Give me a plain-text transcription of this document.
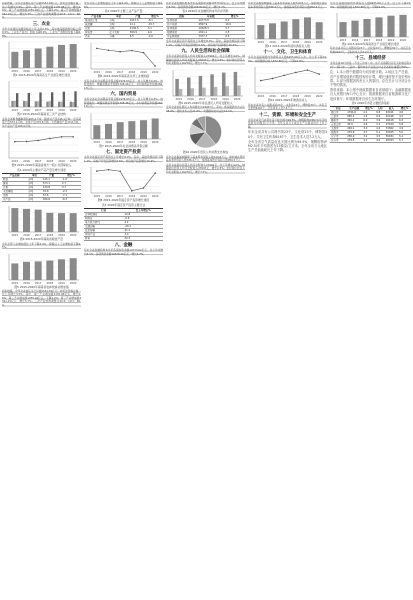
初步核算，全年全省地区生产总值5532.39亿元，按可比价格计算，比上年增长3.5%。其中，第一产业增加值1135.98亿元，增长2.0%；第二产业增加值1055.26亿元，下降1.2%；第三产业增加值3341.15亿元，增长5.7%。三次产业结构调整为20.5：19.1：60.4。

三、农业

全年全省居民消费价格比上年上涨2.3%，其中食品烟酒类价格上涨9.5%。工业生产者出厂价格下降8.0%，工业生产者购进价格下降6.8%。

2015 2016 2017 2018 2019 2020
图1 2015-2020年海南省生产总值及增长速度
2015 2016 2017 2018 2019 2020
图2 2015-2020年海南省三次产业结构

全年全省粮食播种面积405.2万亩，粮食总产量145.1万吨。全年蔬菜产量573.1万吨，水果产量479.8万吨，天然橡胶产量33.8万吨，水产品总产量166.6万吨。

2015 2016 2017 2018 2019 2020
图3 2015-2020年海南省地方一般公共预算收入
表1 2020年主要农产品产量及增长速度
产品名称	单位	产量	增长%
粮食	万吨	145.1	-1.8
蔬菜	万吨	573.1	2.7
水果	万吨	479.8	3.7
天然橡胶	万吨	33.8	-2.3
肉类	万吨	57.6	-7.1
水产品	万吨	166.6	-6.3
2015 2016 2017 2018 2019 2020
图4 2015-2020年海南省粮食产量

全年全部工业增加值比上年下降4.4%，规模以上工业增加值下降4.5%。

2015 2016 2017 2018 2019 2020
图5 2015-2020年海南省农林牧渔业增加值

初步核算，全年全省地区生产总值5532.39亿元，按可比价格计算，比上年增长3.5%。其中，第一产业增加值1135.98亿元，增长2.0%；第二产业增加值1055.26亿元，下降1.2%；第三产业增加值3341.15亿元，增长5.7%。三次产业结构调整为20.5：19.1：60.4。

全年全部工业增加值比上年下降4.4%，规模以上工业增加值下降4.5%。

表2 2020年主要工业产品产量
产品名称	单位	产量	增长%
原油加工量	万吨	1017.5	-8.1
成品糖	万吨	11.1	-15.7
水泥	万吨	2149.5	3.1
发电量	亿千瓦时	360.9	4.6
汽车	万辆	6.5	-2.6
2015 2016 2017 2018 2019 2020
图6 2015-2020年海南省全部工业增加值

全年全省社会消费品零售总额1974.63亿元，比上年增长0.2%。按经营地分，城镇消费品零售额1708.46亿元，乡村消费品零售额266.17亿元。

六、国内贸易

全年全省社会消费品零售总额1974.63亿元，比上年增长0.2%。按经营地分，城镇消费品零售额1708.46亿元，乡村消费品零售额266.17亿元。

2015 2016 2017 2018 2019 2020
图7 2015-2020年社会消费品零售总额
七、固定资产投资

全年全省固定资产投资比上年增长8.0%。其中，基础设施投资下降1.1%，房地产开发投资增长0.5%，非房地产投资增长15.9%。

2015 2016 2017 2018 2019 2020
图8 2015-2020年固定资产投资增长速度
表3 2020年固定资产投资主要行业
行业	比上年增长%
农林牧渔业	12.8
制造业	-5.6
电力热力燃气	4.4
交通运输	-20.1
信息传输	31.2
房地产业	3.0
教育	22.4
八、金融

年末全省金融机构本外币各项存款余额10773.62亿元，比上年末增长8.3%；各项贷款余额10328.26亿元，增长5.7%。

年末全省金融机构本外币各项存款余额10773.62亿元，比上年末增长8.3%；各项贷款余额10328.26亿元，增长5.7%。

表4 2020年末金融机构本外币存贷款
指标	年末数	增长%
各项存款	10773.6	8.3
住户存款	4807.9	10.9
各项贷款	10328.3	5.7
短期贷款	1811.1	2.5
中长期贷款	7977.7	6.6

全年全省固定资产投资比上年增长8.0%。其中，基础设施投资下降1.1%，房地产开发投资增长0.5%，非房地产投资增长15.9%。

九、人民生活和社会保障

全年全省常住居民人均可支配收入27904元，比上年增长4.0%。城镇常住居民人均可支配收入37097元，增长2.5%；农村常住居民人均可支配收入16279元，增长7.7%。

2015 2016 2017 2018 2019 2020
图9 2015-2020年常住居民人均可支配收入

全年全省常住居民人均消费支出19457元。其中，食品烟酒支出占比38.9%，居住支出占比21.6%，交通通信支出占比12.1%。

图10 2020年居民人均消费支出构成

年末全省参加城镇职工基本养老保险人数319.8万人，参加城乡居民基本养老保险人数336.2万人，参加基本医疗保险人数956.5万人。

全年全省常住居民人均可支配收入27904元，比上年增长4.0%。城镇常住居民人均可支配收入37097元，增长2.5%；农村常住居民人均可支配收入16279元，增长7.7%。

年末全省参加城镇职工基本养老保险人数319.8万人，参加城乡居民基本养老保险人数336.2万人，参加基本医疗保险人数956.5万人。

2015 2016 2017 2018 2019 2020
图11 2015-2020年接待游客总人数
十一、文化、卫生和体育

全年全省接待国内外游客总人数6455.09万人次，比上年下降22.3%；实现旅游总收入872.86亿元，下降19.9%。

2015 2016 2017 2018 2019 2020
图12 2015-2020年旅游总收入

年末全省共有公共图书馆23个，文化馆23个，博物馆30个。共有卫生机构6167个，卫生技术人员7.2万人。

十二、资源、环境和安全生产

全年全省空气质量优良天数比例为99.5%，细颗粒物(PM2.5)年平均浓度为13微克/立方米。全年全省万元地区生产总值能耗比上年下降。

年末全省共有公共图书馆23个，文化馆23个，博物馆30个。共有卫生机构6167个，卫生技术人员7.2万人。

全年全省空气质量优良天数比例为99.5%，细颗粒物(PM2.5)年平均浓度为13微克/立方米。全年全省万元地区生产总值能耗比上年下降。

全年全省接待国内外游客总人数6455.09万人次，比上年下降22.3%；实现旅游总收入872.86亿元，下降19.9%。

2015 2016 2017 2018 2019 2020
图1 2015-2020年海南省生产总值及增长速度

年末全省共有公共图书馆23个，文化馆23个，博物馆30个。共有卫生机构6167个，卫生技术人员7.2万人。

十三、县域经济

全年全省18个市县（不含三沙市）中，生产总值超过百亿元的市县有12个。海口市、三亚市、儋州市生产总值合计占全省的比重超过50%。

注：1.本公报中数据均为初步统计数。2.地区生产总值、各产业增加值绝对数按现价计算，增长速度按不变价格计算。3.部分数据因四舍五入的原因，存在总计与分项合计不等的情况。

资料来源：本公报中财政数据来自省财政厅；金融数据来自人民银行海口中心支行；旅游数据来自省旅游和文化广电体育厅；环境数据来自省生态环境厅。

表5 2020年市县主要经济指标
市县	生产总值	增长%	人均	收入	增长%
海口市	1791.6	2.1	6.8	43011	4.6
三亚市	695.4	1.5	6.9	42146	4.2
儋州市	340.2	6.0	3.9	29418	6.3
五指山市	33.9	4.6	3.1	27109	5.8
文昌市	246.1	3.0	4.4	31562	4.9
琼海市	279.8	3.7	5.1	33025	5.0
万宁市	256.0	3.2	4.5	30184	5.1
东方市	179.5	4.1	4.0	29763	5.7
